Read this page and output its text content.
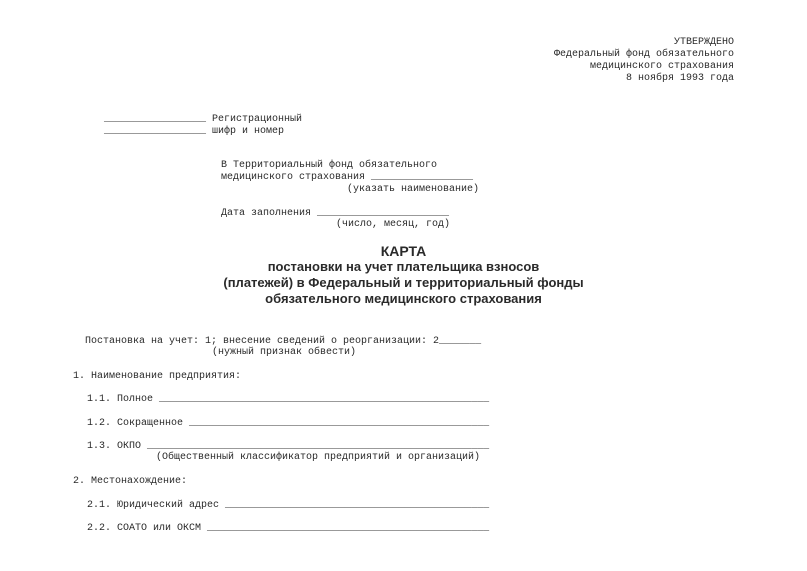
УТВЕРЖДЕНО

Федеральный фонд обязательного

медицинского страхования

8 ноября 1993 года

_________________ Регистрационный

_________________ шифр и номер

В Территориальный фонд обязательного

медицинского страхования _________________

(указать наименование)

Дата заполнения ______________________

(число, месяц, год)

КАРТА

постановки на учет плательщика взносов

(платежей) в Федеральный и территориальный фонды

обязательного медицинского страхования

Постановка на учет: 1; внесение сведений о реорганизации: 2_______

(нужный признак обвести)

1. Наименование предприятия:

1.1. Полное _______________________________________________________

1.2. Сокращенное __________________________________________________

1.3. ОКПО _________________________________________________________

(Общественный классификатор предприятий и организаций)

2. Местонахождение:

2.1. Юридический адрес ____________________________________________

2.2. СОАТО или ОКСМ _______________________________________________
